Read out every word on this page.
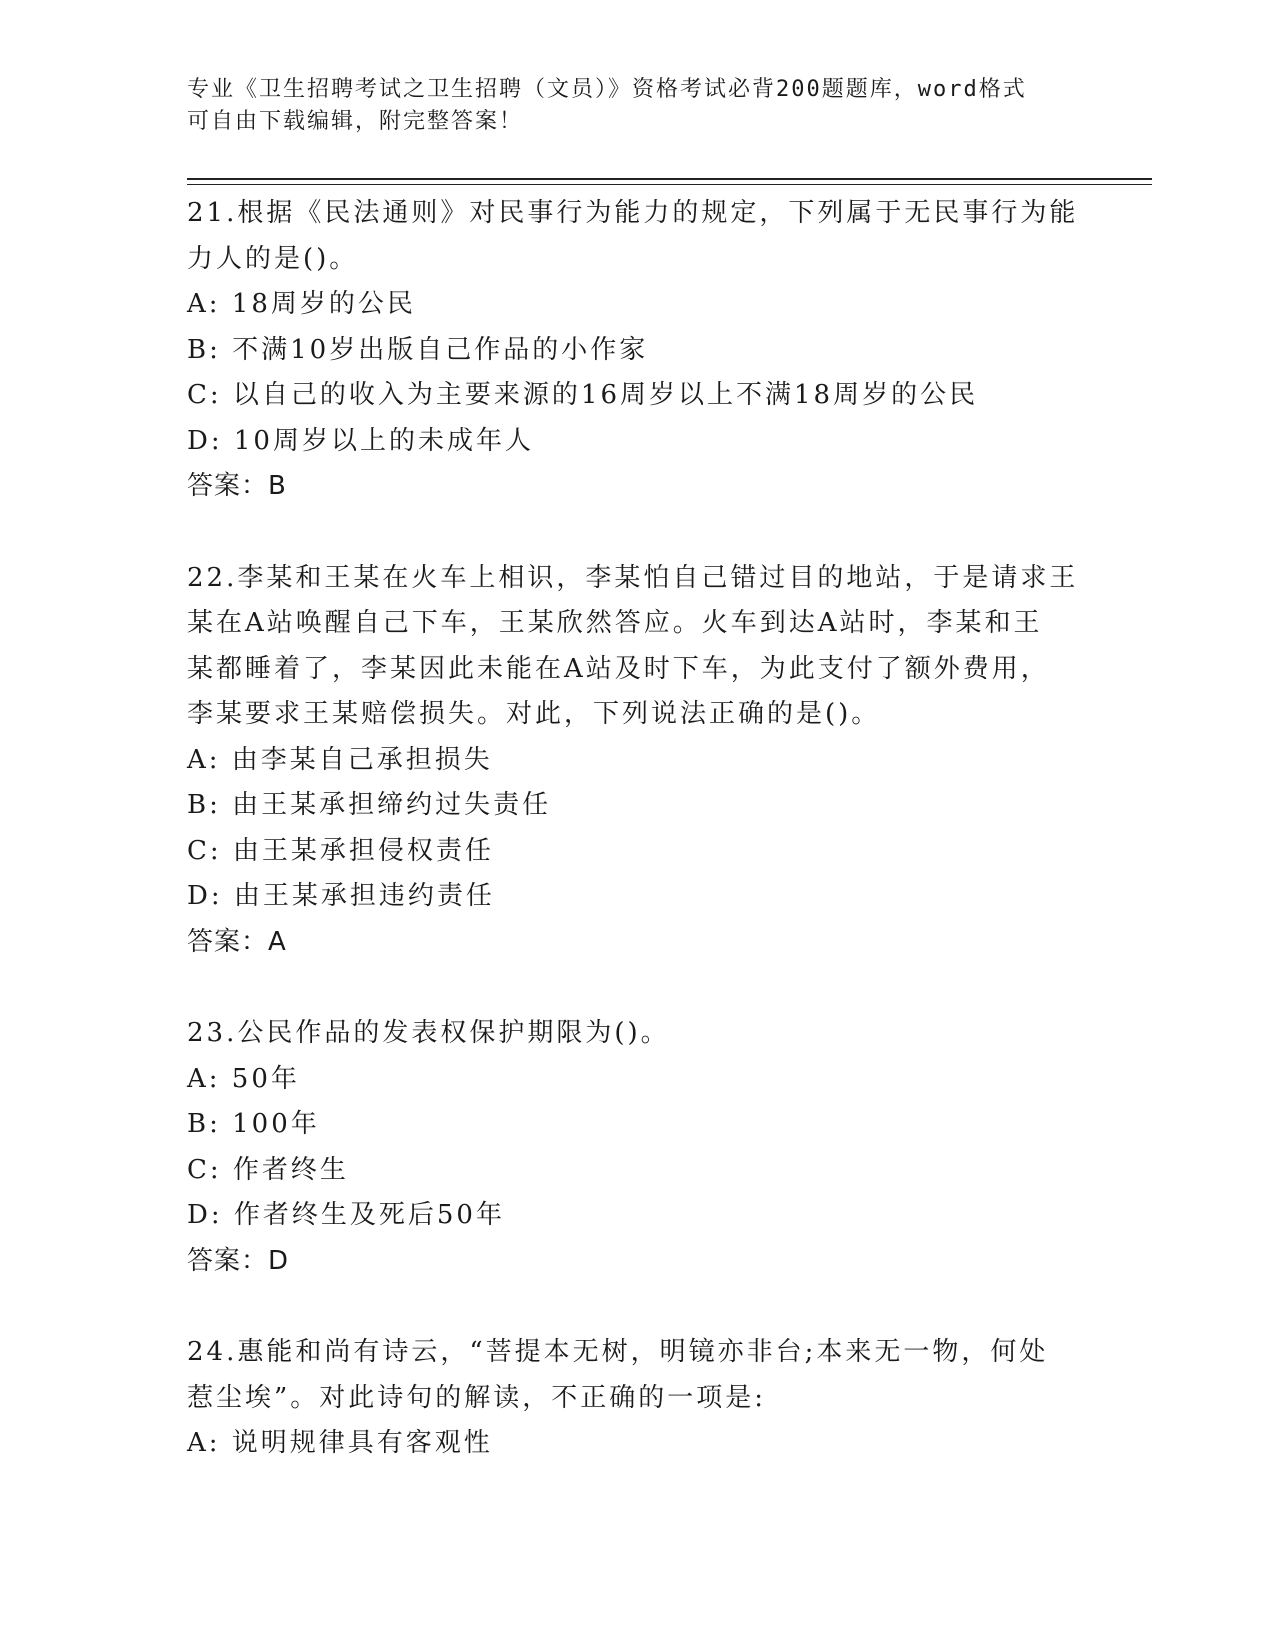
专业《卫生招聘考试之卫生招聘（文员）》资格考试必背200题题库，word格式
可自由下载编辑，附完整答案！
21.根据《民法通则》对民事行为能力的规定，下列属于无民事行为能
力人的是()。
A: 18周岁的公民
B: 不满10岁出版自己作品的小作家
C: 以自己的收入为主要来源的16周岁以上不满18周岁的公民
D: 10周岁以上的未成年人
答案：B
22.李某和王某在火车上相识，李某怕自己错过目的地站，于是请求王
某在A站唤醒自己下车，王某欣然答应。火车到达A站时，李某和王
某都睡着了，李某因此未能在A站及时下车，为此支付了额外费用，
李某要求王某赔偿损失。对此，下列说法正确的是()。
A: 由李某自己承担损失
B: 由王某承担缔约过失责任
C: 由王某承担侵权责任
D: 由王某承担违约责任
答案：A
23.公民作品的发表权保护期限为()。
A: 50年
B: 100年
C: 作者终生
D: 作者终生及死后50年
答案：D
24.惠能和尚有诗云，“菩提本无树，明镜亦非台;本来无一物，何处
惹尘埃”。对此诗句的解读，不正确的一项是:
A: 说明规律具有客观性
